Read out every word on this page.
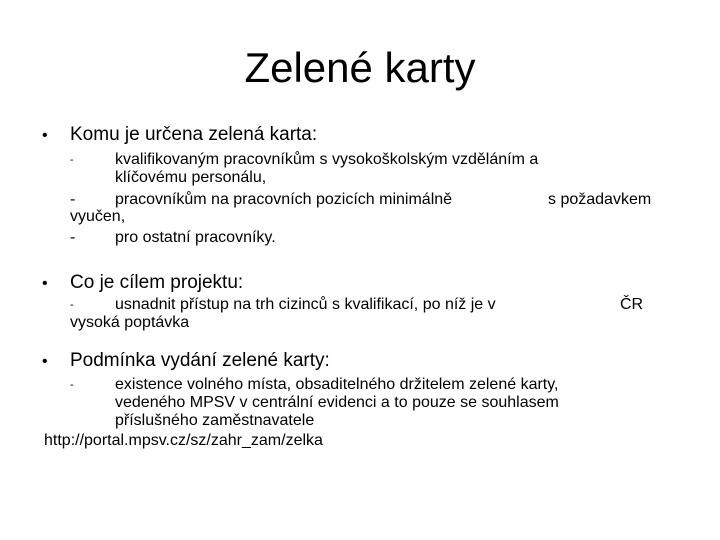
Zelené karty
• Komu je určena zelená karta:
-	kvalifikovaným pracovníkům s vysokoškolským vzděláním a
klíčovému personálu,
- pracovníkům na pracovních pozicích minimálně	s požadavkem
vyučen,
- pro ostatní pracovníky.
• Co je cílem projektu:
-	usnadnit přístup na trh cizinců s kvalifikací, po níž je v	ČR
vysoká poptávka
• Podmínka vydání zelené karty:
-	existence volného místa, obsaditelného držitelem zelené karty,
vedeného MPSV v centrální evidenci a to pouze se souhlasem
příslušného zaměstnavatele
http://portal.mpsv.cz/sz/zahr_zam/zelka
